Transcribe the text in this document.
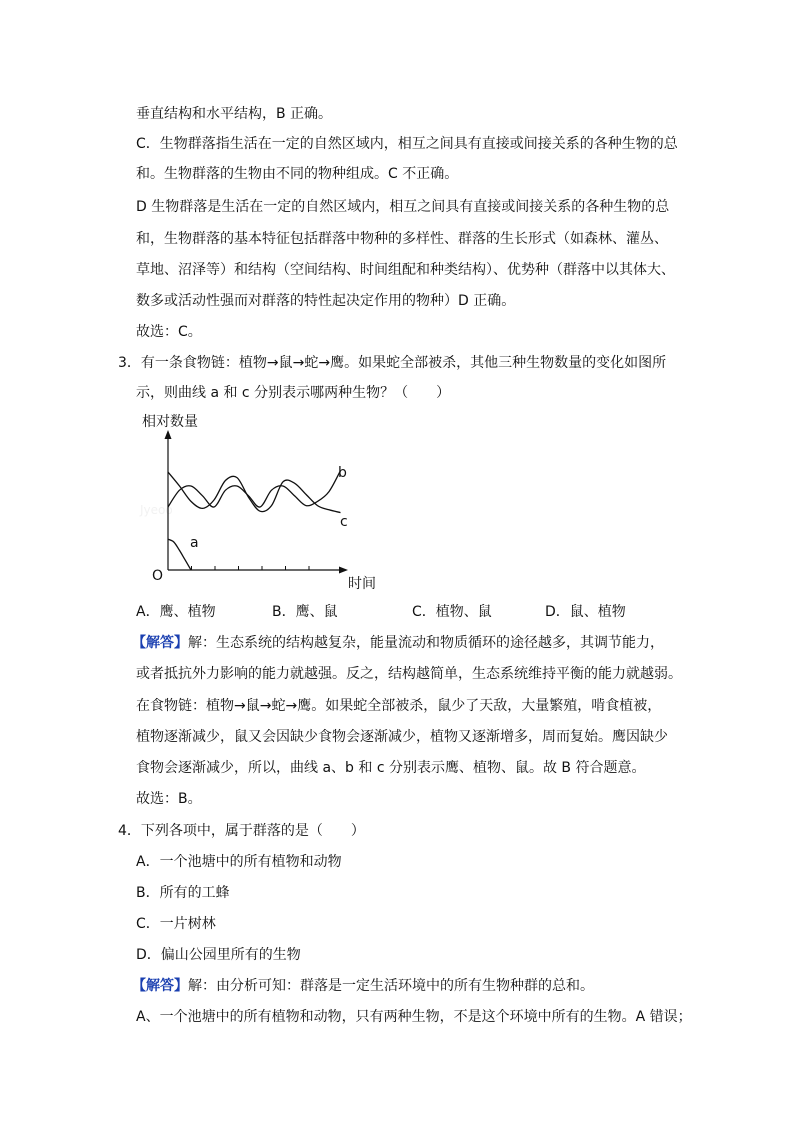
垂直结构和水平结构，B 正确。
C．生物群落指生活在一定的自然区域内，相互之间具有直接或间接关系的各种生物的总
和。生物群落的生物由不同的物种组成。C 不正确。
D 生物群落是生活在一定的自然区域内，相互之间具有直接或间接关系的各种生物的总
和，生物群落的基本特征包括群落中物种的多样性、群落的生长形式（如森林、灌丛、
草地、沼泽等）和结构（空间结构、时间组配和种类结构）、优势种（群落中以其体大、
数多或活动性强而对群落的特性起决定作用的物种）D 正确。
故选：C。
3．有一条食物链：植物→鼠→蛇→鹰。如果蛇全部被杀，其他三种生物数量的变化如图所
示，则曲线 a 和 c 分别表示哪两种生物？（　　）
相对数量
Jyeoo
a
b
c
O	时间
A．鹰、植物	B．鹰、鼠	C．植物、鼠	D．鼠、植物
【解答】解：生态系统的结构越复杂，能量流动和物质循环的途径越多，其调节能力，
或者抵抗外力影响的能力就越强。反之，结构越简单，生态系统维持平衡的能力就越弱。
在食物链：植物→鼠→蛇→鹰。如果蛇全部被杀，鼠少了天敌，大量繁殖，啃食植被，
植物逐渐减少，鼠又会因缺少食物会逐渐减少，植物又逐渐增多，周而复始。鹰因缺少
食物会逐渐减少，所以，曲线 a、b 和 c 分别表示鹰、植物、鼠。故 B 符合题意。
故选：B。
4．下列各项中，属于群落的是（　　）
A．一个池塘中的所有植物和动物
B．所有的工蜂
C．一片树林
D．偏山公园里所有的生物
【解答】解：由分析可知：群落是一定生活环境中的所有生物种群的总和。
A、一个池塘中的所有植物和动物，只有两种生物，不是这个环境中所有的生物。A 错误；
